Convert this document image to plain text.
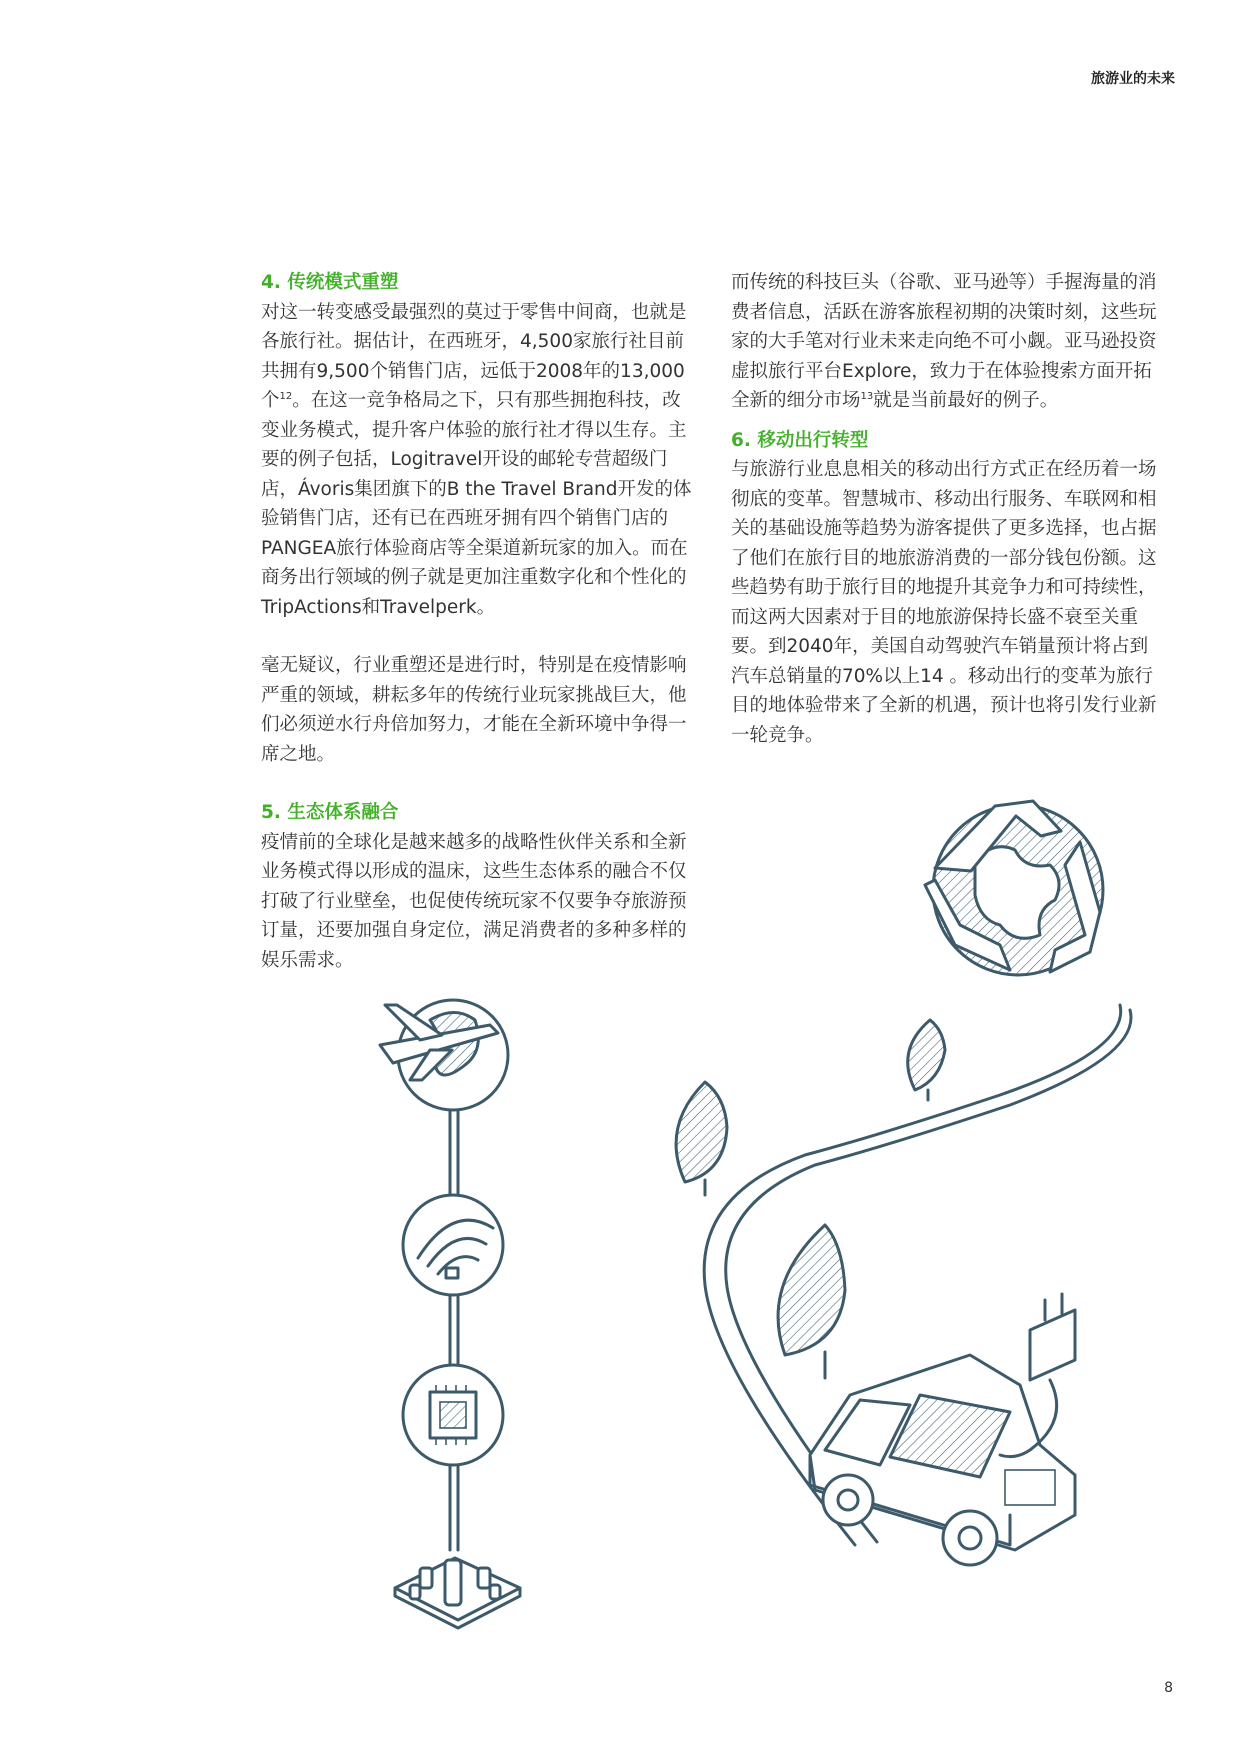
旅游业的未来
4. 传统模式重塑

对这一转变感受最强烈的莫过于零售中间商，也就是各旅行社。据估计，在西班牙，4,500家旅行社目前共拥有9,500个销售门店，远低于2008年的13,000个$^{12}$。在这一竞争格局之下，只有那些拥抱科技，改变业务模式，提升客户体验的旅行社才得以生存。主要的例子包括，Logitravel开设的邮轮专营超级门店，Ávoris集团旗下的B the Travel Brand开发的体验销售门店，还有已在西班牙拥有四个销售门店的PANGEA旅行体验商店等全渠道新玩家的加入。而在商务出行领域的例子就是更加注重数字化和个性化的TripActions和Travelperk。

毫无疑议，行业重塑还是进行时，特别是在疫情影响严重的领域，耕耘多年的传统行业玩家挑战巨大，他们必须逆水行舟倍加努力，才能在全新环境中争得一席之地。

5. 生态体系融合

疫情前的全球化是越来越多的战略性伙伴关系和全新业务模式得以形成的温床，这些生态体系的融合不仅打破了行业壁垒，也促使传统玩家不仅要争夺旅游预订量，还要加强自身定位，满足消费者的多种多样的娱乐需求。

而传统的科技巨头（谷歌、亚马逊等）手握海量的消费者信息，活跃在游客旅程初期的决策时刻，这些玩家的大手笔对行业未来走向绝不可小觑。亚马逊投资虚拟旅行平台Explore，致力于在体验搜索方面开拓全新的细分市场$^{13}$就是当前最好的例子。

6. 移动出行转型

与旅游行业息息相关的移动出行方式正在经历着一场彻底的变革。智慧城市、移动出行服务、车联网和相关的基础设施等趋势为游客提供了更多选择，也占据了他们在旅行目的地旅游消费的一部分钱包份额。这些趋势有助于旅行目的地提升其竞争力和可持续性，而这两大因素对于目的地旅游保持长盛不衰至关重要。到2040年，美国自动驾驶汽车销量预计将占到汽车总销量的70%以上14 。移动出行的变革为旅行目的地体验带来了全新的机遇，预计也将引发行业新一轮竞争。

8
